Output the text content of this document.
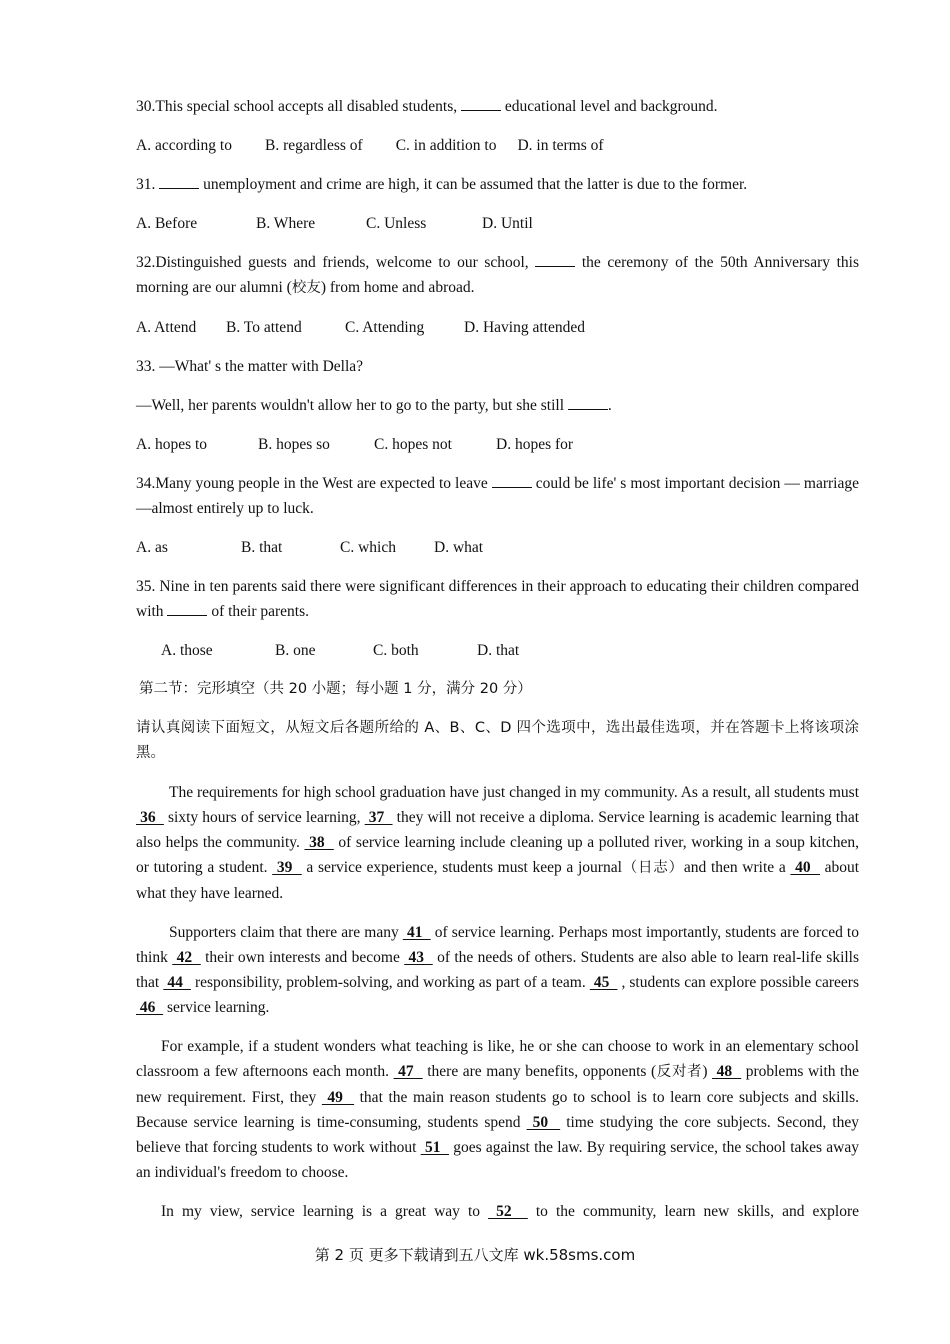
30.This special school accepts all disabled students,	educational level and background.
A. according to B. regardless of C. in addition to D. in terms of
31.	unemployment and crime are high, it can be assumed that the latter is due to the former.
A. Before	B. Where	C. Unless	D. Until
32.Distinguished guests and friends, welcome to our school,	the ceremony of the 50th Anniversary this morning are our alumni (校友) from home and abroad.
A. Attend B. To attend	C. Attending	D. Having attended
33. —What' s the matter with Della?
—Well, her parents wouldn't allow her to go to the party, but she still	.
A. hopes to	B. hopes so	C. hopes not	D. hopes for
34.Many young people in the West are expected to leave	could be life' s most important decision — marriage —almost entirely up to luck.
A. as	B. that	C. which D. what
35. Nine in ten parents said there were significant differences in their approach to educating their children compared with	of their parents.
A. those	B. one	C. both	D. that
第二节：完形填空（共 20 小题；每小题 1 分，满分 20 分）
请认真阅读下面短文，从短文后各题所给的 A、B、C、D 四个选项中，选出最佳选项，并在答题卡上将该项涂黑。
The requirements for high school graduation have just changed in my community. As a result, all students must  36   sixty hours of service learning,  37   they will not receive a diploma. Service learning is academic learning that also helps the community.  38   of service learning include cleaning up a polluted river, working in a soup kitchen, or tutoring a student.  39   a service experience, students must keep a journal（日志）and then write a  40   about what they have learned.
Supporters claim that there are many  41   of service learning. Perhaps most importantly, students are forced to think  42   their own interests and become  43   of the needs of others. Students are also able to learn real-life skills that  44   responsibility, problem-solving, and working as part of a team.  45   , students can explore possible careers  46   service learning.
For example, if a student wonders what teaching is like, he or she can choose to work in an elementary school classroom a few afternoons each month.  47   there are many benefits, opponents (反对者)  48   problems with the new requirement. First, they  49   that the main reason students go to school is to learn core subjects and skills. Because service learning is time-consuming, students spend  50   time studying the core subjects. Second, they believe that forcing students to work without  51   goes against the law. By requiring service, the school takes away an individual's freedom to choose.
In my view, service learning is a great way to  52   to the community, learn new skills, and explore
第 2 页 更多下载请到五八文库 wk.58sms.com
